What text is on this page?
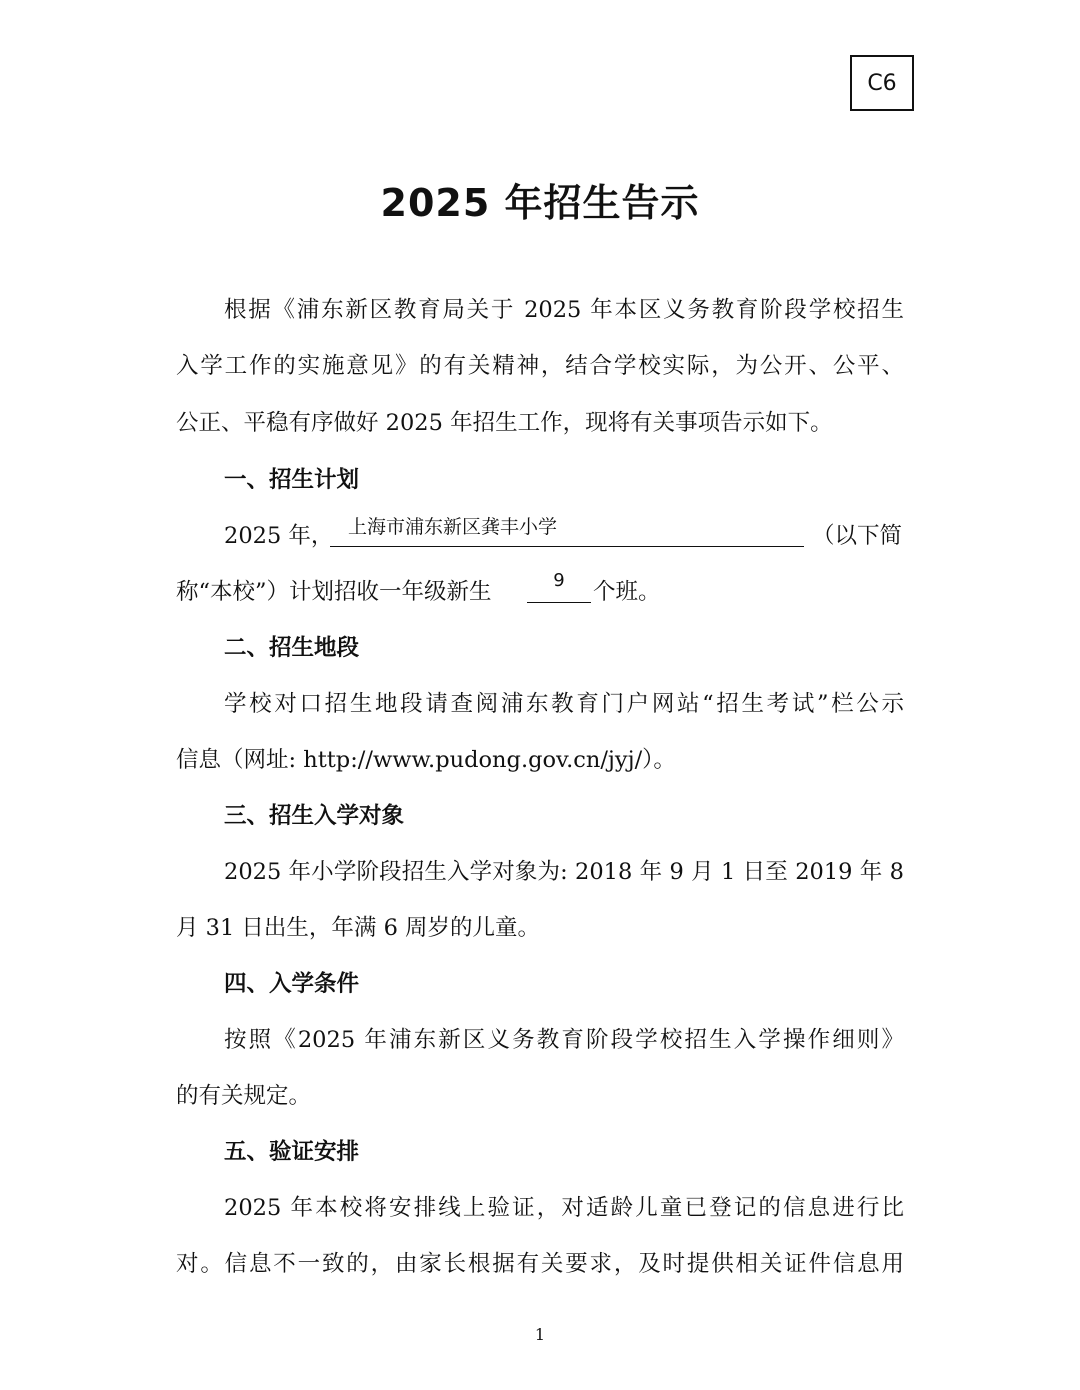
C6
2025 年招生告示
根据《浦东新区教育局关于 2025 年本区义务教育阶段学校招生
入学工作的实施意见》的有关精神，结合学校实际，为公开、公平、
公正、平稳有序做好 2025 年招生工作，现将有关事项告示如下。
一、招生计划
2025 年， 上海市浦东新区龚丰小学	（以下简
称“本校”）计划招收一年级新生	9	个班。
二、招生地段
学校对口招生地段请查阅浦东教育门户网站“招生考试”栏公示
信息（网址: http://www.pudong.gov.cn/jyj/）。
三、招生入学对象
2025 年小学阶段招生入学对象为: 2018 年 9 月 1 日至 2019 年 8
月 31 日出生，年满 6 周岁的儿童。
四、入学条件
按照《2025 年浦东新区义务教育阶段学校招生入学操作细则》
的有关规定。
五、验证安排
2025 年本校将安排线上验证，对适龄儿童已登记的信息进行比
对。信息不一致的，由家长根据有关要求，及时提供相关证件信息用
1
